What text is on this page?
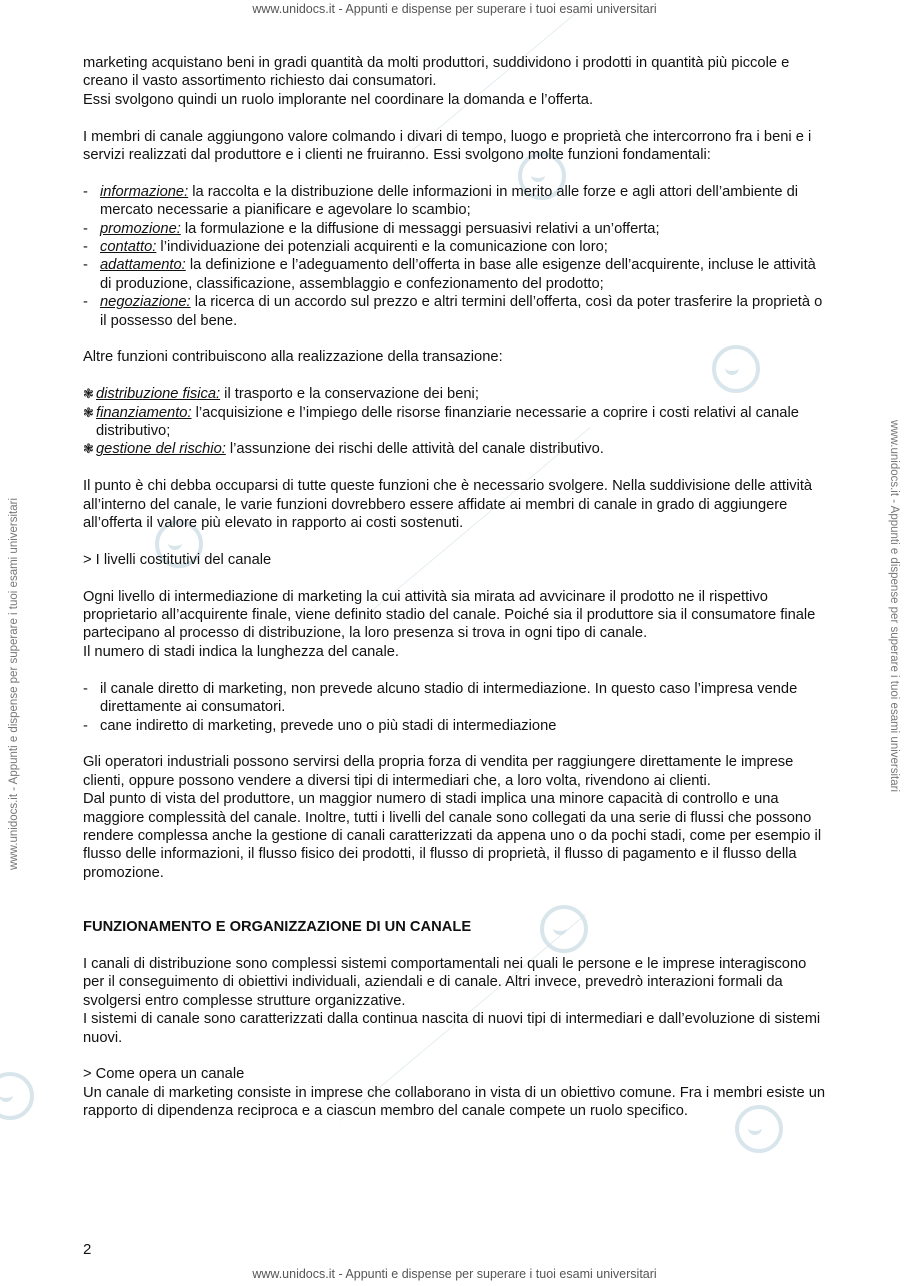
www.unidocs.it - Appunti e dispense per superare i tuoi esami universitari
www.unidocs.it - Appunti e dispense per superare i tuoi esami universitari
www.unidocs.it - Appunti e dispense per superare i tuoi esami universitari	www.unidocs.it - Appunti e dispense per superare i tuoi esami universitari

marketing acquistano beni in gradi quantità da molti produttori, suddividono i prodotti in quantità più piccole e creano il vasto assortimento richiesto dai consumatori.

Essi svolgono quindi un ruolo implorante nel coordinare la domanda e l’offerta.

I membri di canale aggiungono valore colmando i divari di tempo, luogo e proprietà che intercorrono fra i beni e i servizi realizzati dal produttore e i clienti ne fruiranno. Essi svolgono molte funzioni fondamentali:

- informazione: la raccolta e la distribuzione delle informazioni in merito alle forze e agli attori dell’ambiente di mercato necessarie a pianificare e agevolare lo scambio;
- promozione: la formulazione e la diffusione di messaggi persuasivi relativi a un’offerta;
- contatto: l’individuazione dei potenziali acquirenti e la comunicazione con loro;
- adattamento: la definizione e l’adeguamento dell’offerta in base alle esigenze dell’acquirente, incluse le attività di produzione, classificazione, assemblaggio e confezionamento del prodotto;
- negoziazione: la ricerca di un accordo sul prezzo e altri termini dell’offerta, così da poter trasferire la proprietà o il possesso del bene.

Altre funzioni contribuiscono alla realizzazione della transazione:

❃ distribuzione fisica: il trasporto e la conservazione dei beni;
❃ finanziamento: l’acquisizione e l’impiego delle risorse finanziarie necessarie a coprire i costi relativi al canale distributivo;
❃ gestione del rischio: l’assunzione dei rischi delle attività del canale distributivo.

Il punto è chi debba occuparsi di tutte queste funzioni che è necessario svolgere. Nella suddivisione delle attività all’interno del canale, le varie funzioni dovrebbero essere affidate ai membri di canale in grado di aggiungere all’offerta il valore più elevato in rapporto ai costi sostenuti.

> I livelli costitutivi del canale

Ogni livello di intermediazione di marketing la cui attività sia mirata ad avvicinare il prodotto ne il rispettivo proprietario all’acquirente finale, viene definito stadio del canale. Poiché sia il produttore sia il consumatore finale partecipano al processo di distribuzione, la loro presenza si trova in ogni tipo di canale.

Il numero di stadi indica la lunghezza del canale.

- il canale diretto di marketing, non prevede alcuno stadio di intermediazione. In questo caso l’impresa vende direttamente ai consumatori.
- cane indiretto di marketing, prevede uno o più stadi di intermediazione

Gli operatori industriali possono servirsi della propria forza di vendita per raggiungere direttamente le imprese clienti, oppure possono vendere a diversi tipi di intermediari che, a loro volta, rivendono ai clienti.

Dal punto di vista del produttore, un maggior numero di stadi implica una minore capacità di controllo e una maggiore complessità del canale. Inoltre, tutti i livelli del canale sono collegati da una serie di flussi che possono rendere complessa anche la gestione di canali caratterizzati da appena uno o da pochi stadi, come per esempio il flusso delle informazioni, il flusso fisico dei prodotti, il flusso di proprietà, il flusso di pagamento e il flusso della promozione.

FUNZIONAMENTO E ORGANIZZAZIONE DI UN CANALE

I canali di distribuzione sono complessi sistemi comportamentali nei quali le persone e le imprese interagiscono per il conseguimento di obiettivi individuali, aziendali e di canale. Altri invece, prevedrò interazioni formali da svolgersi entro complesse strutture organizzative.

I sistemi di canale sono caratterizzati dalla continua nascita di nuovi tipi di intermediari e dall’evoluzione di sistemi nuovi.

> Come opera un canale

Un canale di marketing consiste in imprese che collaborano in vista di un obiettivo comune. Fra i membri esiste un rapporto di dipendenza reciproca e a ciascun membro del canale compete un ruolo specifico.

2
